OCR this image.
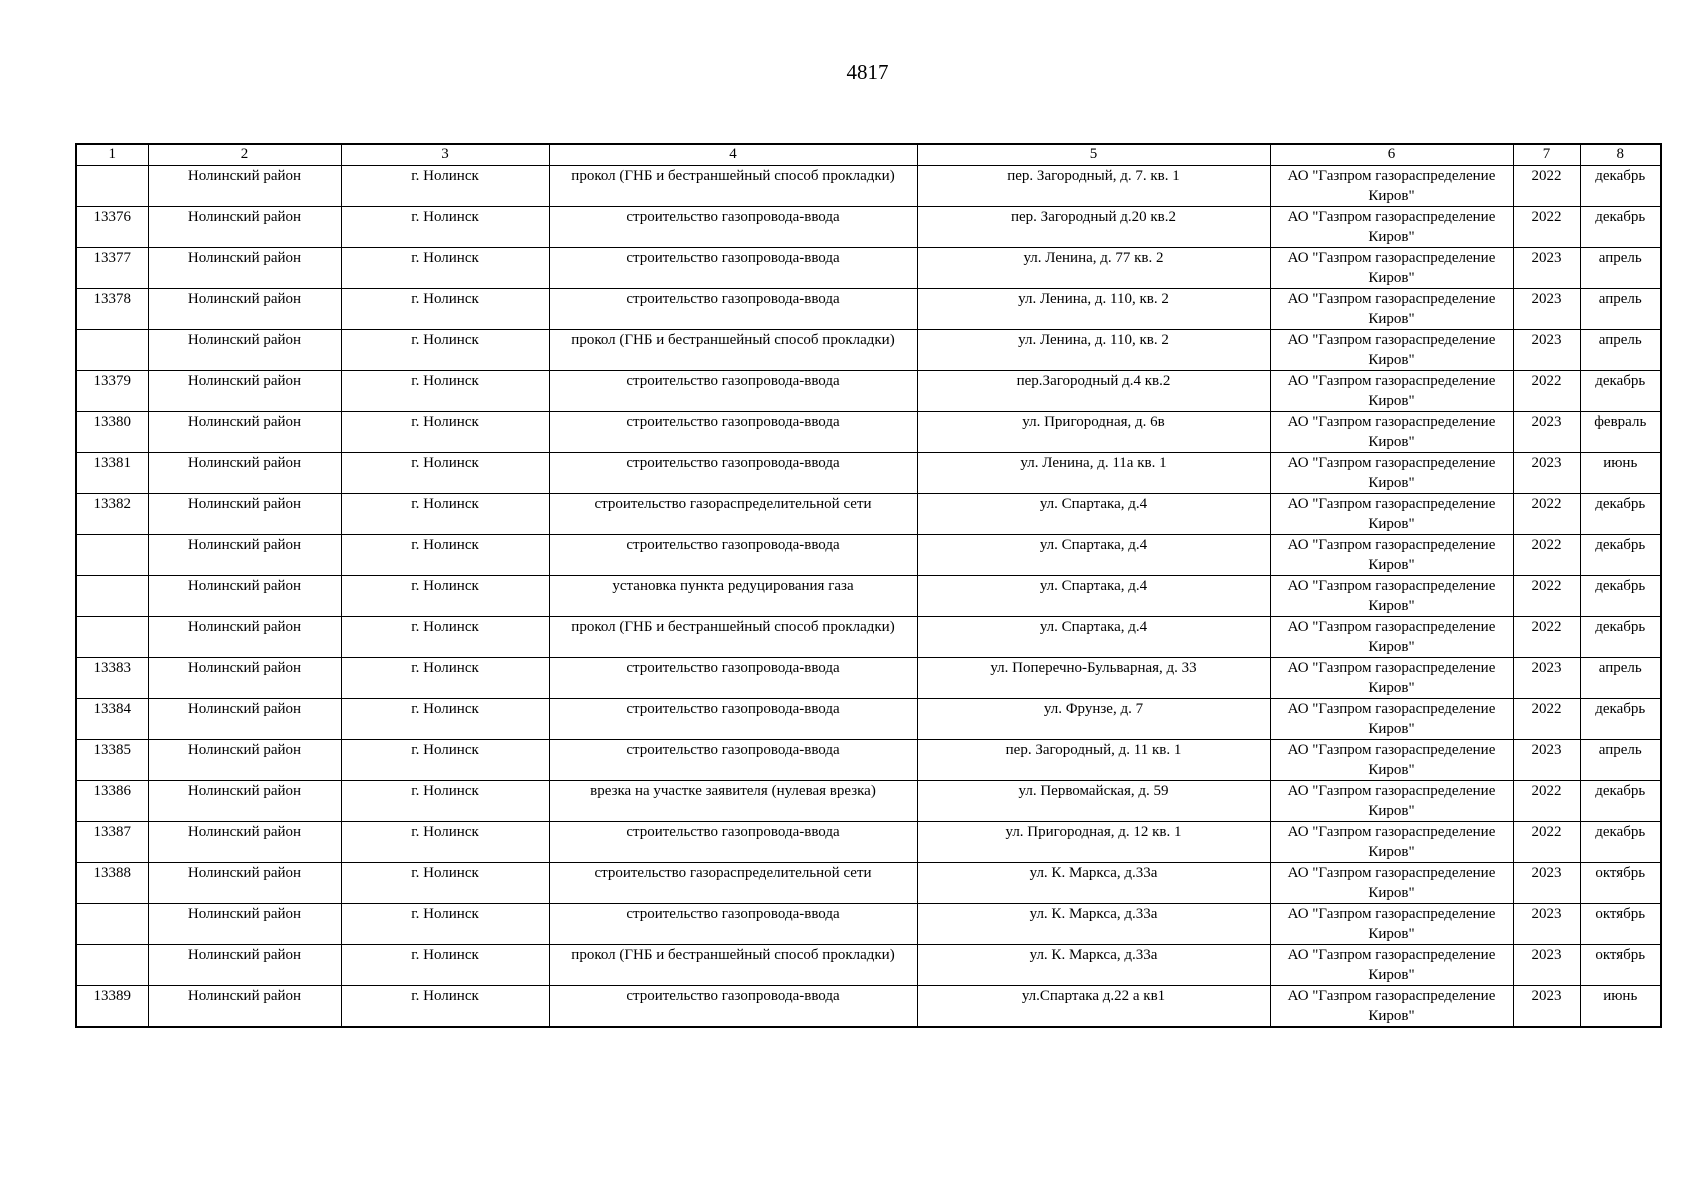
4817
1	2	3	4	5	6	7	8
	Нолинский район	г. Нолинск	прокол (ГНБ и бестраншейный способ прокладки)	пер. Загородный, д. 7. кв. 1	АО "Газпром газораспределение Киров"	2022	декабрь
13376	Нолинский район	г. Нолинск	строительство газопровода-ввода	пер. Загородный д.20 кв.2	АО "Газпром газораспределение Киров"	2022	декабрь
13377	Нолинский район	г. Нолинск	строительство газопровода-ввода	ул. Ленина, д. 77 кв. 2	АО "Газпром газораспределение Киров"	2023	апрель
13378	Нолинский район	г. Нолинск	строительство газопровода-ввода	ул. Ленина, д. 110, кв. 2	АО "Газпром газораспределение Киров"	2023	апрель
	Нолинский район	г. Нолинск	прокол (ГНБ и бестраншейный способ прокладки)	ул. Ленина, д. 110, кв. 2	АО "Газпром газораспределение Киров"	2023	апрель
13379	Нолинский район	г. Нолинск	строительство газопровода-ввода	пер.Загородный д.4 кв.2	АО "Газпром газораспределение Киров"	2022	декабрь
13380	Нолинский район	г. Нолинск	строительство газопровода-ввода	ул. Пригородная, д. 6в	АО "Газпром газораспределение Киров"	2023	февраль
13381	Нолинский район	г. Нолинск	строительство газопровода-ввода	ул. Ленина, д. 11а кв. 1	АО "Газпром газораспределение Киров"	2023	июнь
13382	Нолинский район	г. Нолинск	строительство газораспределительной сети	ул. Спартака, д.4	АО "Газпром газораспределение Киров"	2022	декабрь
	Нолинский район	г. Нолинск	строительство газопровода-ввода	ул. Спартака, д.4	АО "Газпром газораспределение Киров"	2022	декабрь
	Нолинский район	г. Нолинск	установка пункта редуцирования газа	ул. Спартака, д.4	АО "Газпром газораспределение Киров"	2022	декабрь
	Нолинский район	г. Нолинск	прокол (ГНБ и бестраншейный способ прокладки)	ул. Спартака, д.4	АО "Газпром газораспределение Киров"	2022	декабрь
13383	Нолинский район	г. Нолинск	строительство газопровода-ввода	ул. Поперечно-Бульварная, д. 33	АО "Газпром газораспределение Киров"	2023	апрель
13384	Нолинский район	г. Нолинск	строительство газопровода-ввода	ул. Фрунзе, д. 7	АО "Газпром газораспределение Киров"	2022	декабрь
13385	Нолинский район	г. Нолинск	строительство газопровода-ввода	пер. Загородный, д. 11 кв. 1	АО "Газпром газораспределение Киров"	2023	апрель
13386	Нолинский район	г. Нолинск	врезка на участке заявителя (нулевая врезка)	ул. Первомайская, д. 59	АО "Газпром газораспределение Киров"	2022	декабрь
13387	Нолинский район	г. Нолинск	строительство газопровода-ввода	ул. Пригородная, д. 12 кв. 1	АО "Газпром газораспределение Киров"	2022	декабрь
13388	Нолинский район	г. Нолинск	строительство газораспределительной сети	ул. К. Маркса, д.33а	АО "Газпром газораспределение Киров"	2023	октябрь
	Нолинский район	г. Нолинск	строительство газопровода-ввода	ул. К. Маркса, д.33а	АО "Газпром газораспределение Киров"	2023	октябрь
	Нолинский район	г. Нолинск	прокол (ГНБ и бестраншейный способ прокладки)	ул. К. Маркса, д.33а	АО "Газпром газораспределение Киров"	2023	октябрь
13389	Нолинский район	г. Нолинск	строительство газопровода-ввода	ул.Спартака д.22 а кв1	АО "Газпром газораспределение Киров"	2023	июнь
